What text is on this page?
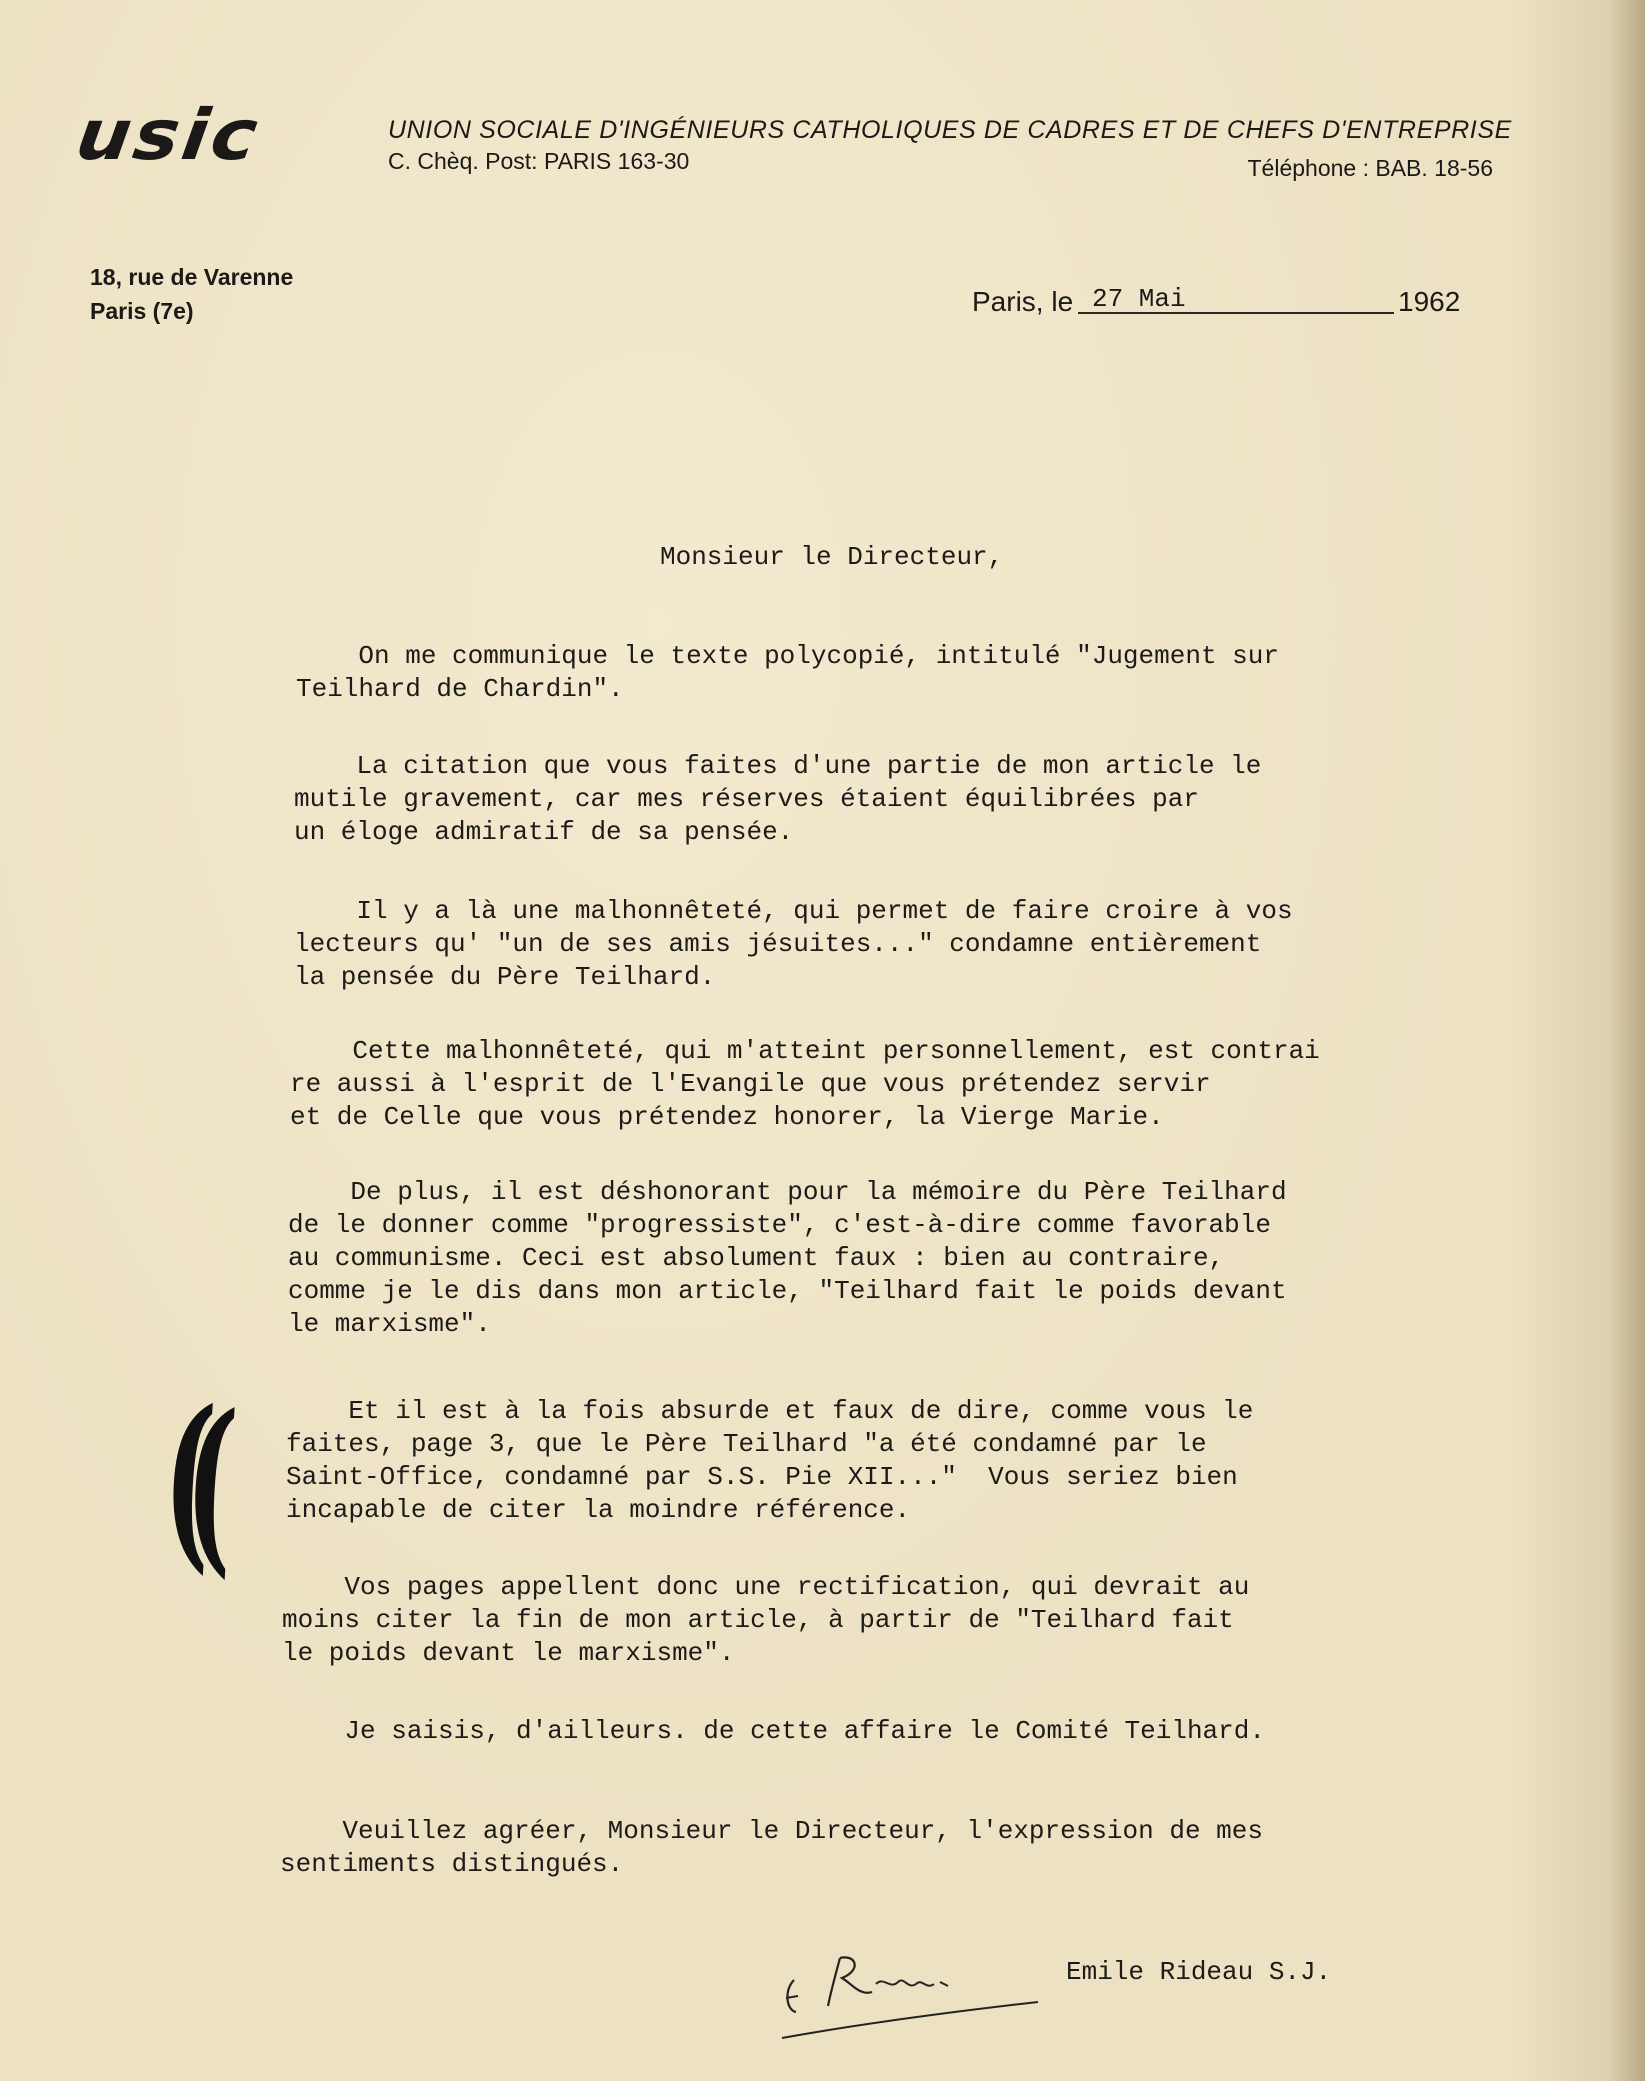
usic	UNION SOCIALE D'INGÉNIEURS CATHOLIQUES DE CADRES ET DE CHEFS D'ENTREPRISE
C. Chèq. Post: PARIS 163-30	Téléphone : BAB. 18-56
18, rue de Varenne
Paris (7e)	Paris, le 27 Mai	1962
Monsieur le Directeur,
On me communique le texte polycopié, intitulé "Jugement sur
Teilhard de Chardin".
La citation que vous faites d'une partie de mon article le
mutile gravement, car mes réserves étaient équilibrées par
un éloge admiratif de sa pensée.
Il y a là une malhonnêteté, qui permet de faire croire à vos
lecteurs qu' "un de ses amis jésuites..." condamne entièrement
la pensée du Père Teilhard.
Cette malhonnêteté, qui m'atteint personnellement, est contrai
re aussi à l'esprit de l'Evangile que vous prétendez servir
et de Celle que vous prétendez honorer, la Vierge Marie.
De plus, il est déshonorant pour la mémoire du Père Teilhard
de le donner comme "progressiste", c'est-à-dire comme favorable
au communisme. Ceci est absolument faux : bien au contraire,
comme je le dis dans mon article, "Teilhard fait le poids devant
le marxisme".
Et il est à la fois absurde et faux de dire, comme vous le
faites, page 3, que le Père Teilhard "a été condamné par le
Saint-Office, condamné par S.S. Pie XII..."  Vous seriez bien
incapable de citer la moindre référence.
Vos pages appellent donc une rectification, qui devrait au
moins citer la fin de mon article, à partir de "Teilhard fait
le poids devant le marxisme".
Je saisis, d'ailleurs. de cette affaire le Comité Teilhard.
Veuillez agréer, Monsieur le Directeur, l'expression de mes
sentiments distingués.
((
Emile Rideau S.J.
